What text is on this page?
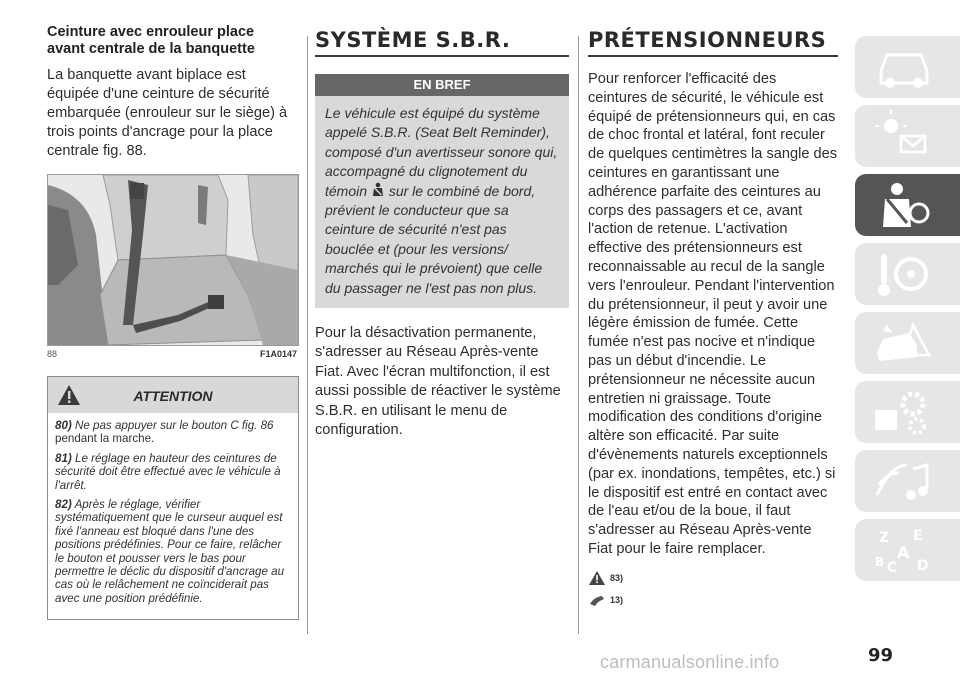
Ceinture avec enrouleur place
avant centrale de la banquette
La banquette avant biplace est équipée d'une ceinture de sécurité embarquée (enrouleur sur le siège) à trois points d'ancrage pour la place centrale fig. 88.
88	F1A0147
ATTENTION
80) Ne pas appuyer sur le bouton C fig. 86 pendant la marche.
81) Le réglage en hauteur des ceintures de sécurité doit être effectué avec le véhicule à l'arrêt.
82) Après le réglage, vérifier systématiquement que le curseur auquel est fixé l'anneau est bloqué dans l'une des positions prédéfinies. Pour ce faire, relâcher le bouton et pousser vers le bas pour permettre le déclic du dispositif d'ancrage au cas où le relâchement ne coïnciderait pas avec une position prédéfinie.
SYSTÈME S.B.R.
EN BREF
Le véhicule est équipé du système appelé S.B.R. (Seat Belt Reminder), composé d'un avertisseur sonore qui, accompagné du clignotement du témoin sur le combiné de bord, prévient le conducteur que sa ceinture de sécurité n'est pas bouclée et (pour les versions/ marchés qui le prévoient) que celle du passager ne l'est pas non plus.
Pour la désactivation permanente, s'adresser au Réseau Après-vente Fiat. Avec l'écran multifonction, il est aussi possible de réactiver le système S.B.R. en utilisant le menu de configuration.
PRÉTENSIONNEURS
Pour renforcer l'efficacité des ceintures de sécurité, le véhicule est équipé de prétensionneurs qui, en cas de choc frontal et latéral, font reculer de quelques centimètres la sangle des ceintures en garantissant une adhérence parfaite des ceintures au corps des passagers et ce, avant l'action de retenue. L'activation effective des prétensionneurs est reconnaissable au recul de la sangle vers l'enrouleur. Pendant l'intervention du prétensionneur, il peut y avoir une légère émission de fumée. Cette fumée n'est pas nocive et n'indique pas un début d'incendie. Le prétensionneur ne nécessite aucun entretien ni graissage. Toute modification des conditions d'origine altère son efficacité. Par suite d'évènements naturels exceptionnels (par ex. inondations, tempêtes, etc.) si le dispositif est entré en contact avec de l'eau et/ou de la boue, il faut s'adresser au Réseau Après-vente Fiat pour le faire remplacer.
83)
13)
Z E
A
B C D
99
carmanualsonline.info
